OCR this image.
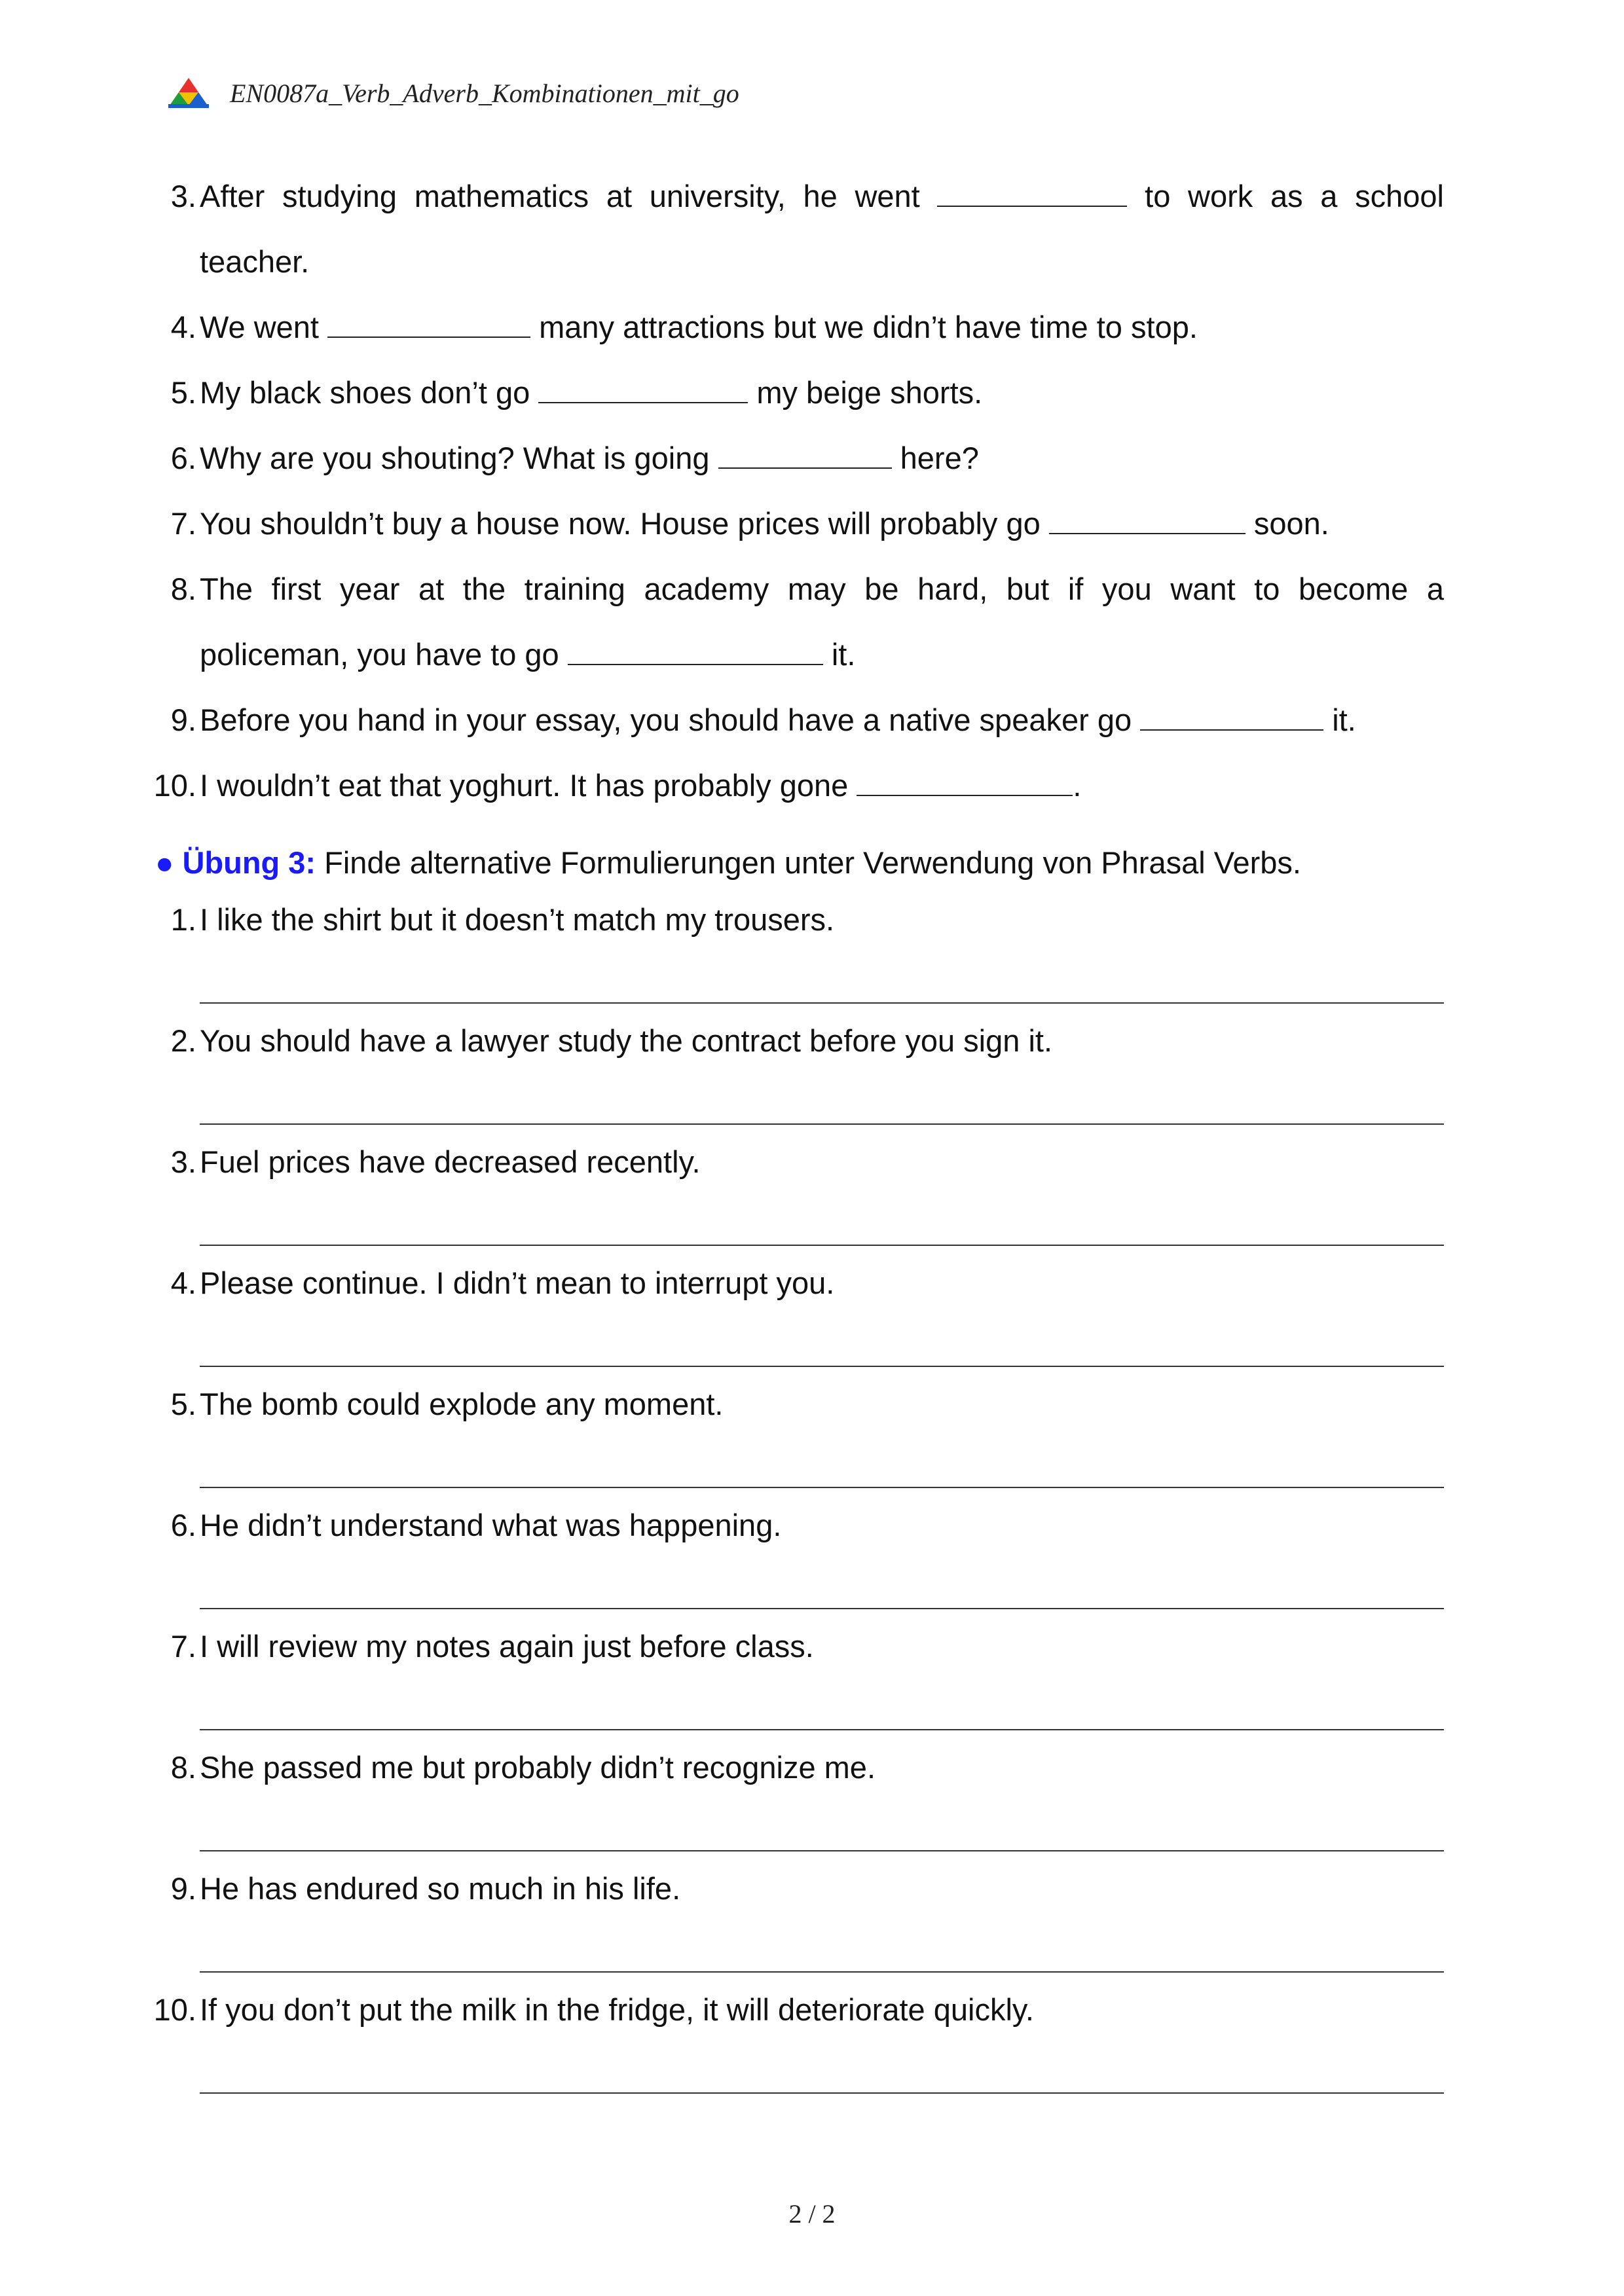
EN0087a_Verb_Adverb_Kombinationen_mit_go
3. After studying mathematics at university, he went	to work as a school
teacher.
4. We went	many attractions but we didn’t have time to stop.
5. My black shoes don’t go	my beige shorts.
6. Why are you shouting? What is going	here?
7. You shouldn’t buy a house now. House prices will probably go	soon.
8. The first year at the training academy may be hard, but if you want to become a
policeman, you have to go	it.
9. Before you hand in your essay, you should have a native speaker go	it.
10. I wouldn’t eat that yoghurt. It has probably gone	.
● Übung 3: Finde alternative Formulierungen unter Verwendung von Phrasal Verbs.
1. I like the shirt but it doesn’t match my trousers.
2. You should have a lawyer study the contract before you sign it.
3. Fuel prices have decreased recently.
4. Please continue. I didn’t mean to interrupt you.
5. The bomb could explode any moment.
6. He didn’t understand what was happening.
7. I will review my notes again just before class.
8. She passed me but probably didn’t recognize me.
9. He has endured so much in his life.
10. If you don’t put the milk in the fridge, it will deteriorate quickly.
2 / 2
